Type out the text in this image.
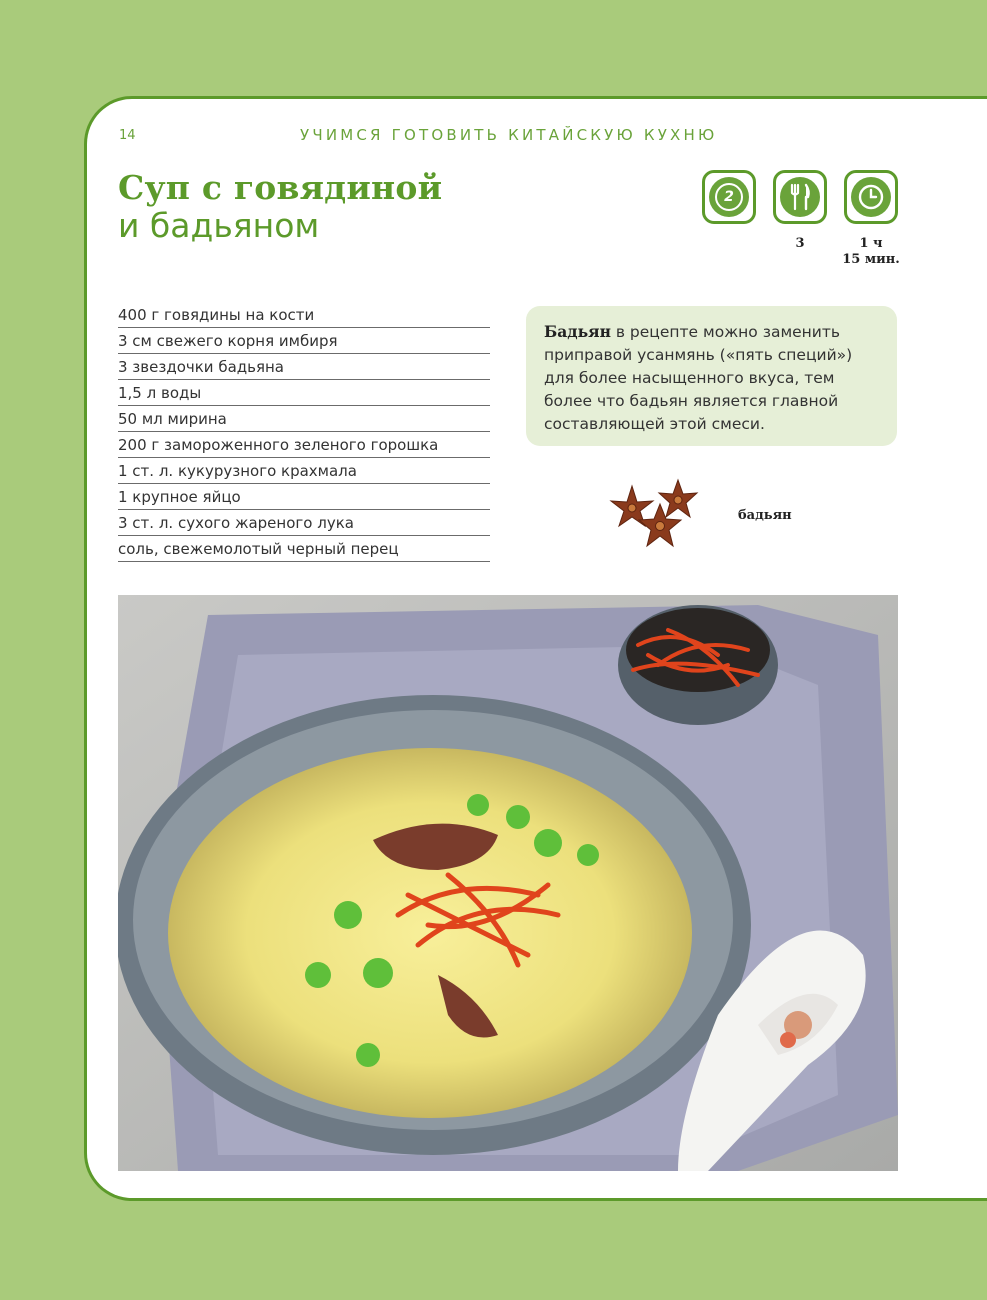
14	УЧИМСЯ ГОТОВИТЬ КИТАЙСКУЮ КУХНЮ
Суп с говядиной
и бадьяном
2
3	1 ч
15 мин.
400 г говядины на кости
3 см свежего корня имбиря
3 звездочки бадьяна
1,5 л воды
50 мл мирина
200 г замороженного зеленого горошка
1 ст. л. кукурузного крахмала
1 крупное яйцо
3 ст. л. сухого жареного лука
соль, свежемолотый черный перец
Бадьян в рецепте можно заменить приправой усанмянь («пять специй») для более насыщенного вкуса, тем более что бадьян является главной составляющей этой смеси.
бадьян
